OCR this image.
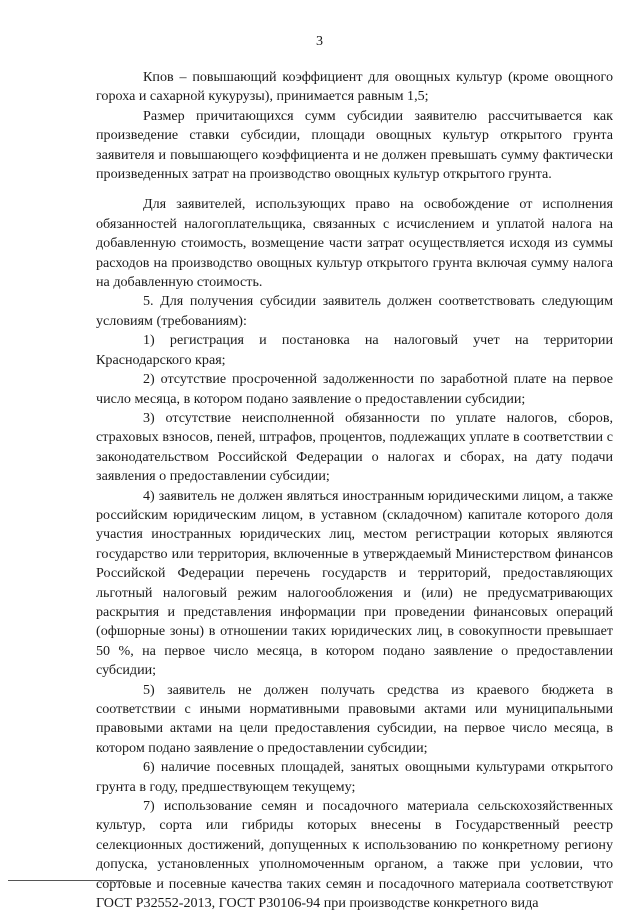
3

Кпов – повышающий коэффициент для овощных культур (кроме овощного гороха и сахарной кукурузы), принимается равным 1,5;

Размер причитающихся сумм субсидии заявителю рассчитывается как произведение ставки субсидии, площади овощных культур открытого грунта заявителя и повышающего коэффициента и не должен превышать сумму фактически произведенных затрат на производство овощных культур открытого грунта.

Для заявителей, использующих право на освобождение от исполнения обязанностей налогоплательщика, связанных с исчислением и уплатой налога на добавленную стоимость, возмещение части затрат осуществляется исходя из суммы расходов на производство овощных культур открытого грунта включая сумму налога на добавленную стоимость.

5. Для получения субсидии заявитель должен соответствовать следующим условиям (требованиям):

1) регистрация и постановка на налоговый учет на территории Краснодарского края;

2) отсутствие просроченной задолженности по заработной плате на первое число месяца, в котором подано заявление о предоставлении субсидии;

3) отсутствие неисполненной обязанности по уплате налогов, сборов, страховых взносов, пеней, штрафов, процентов, подлежащих уплате в соответствии с законодательством Российской Федерации о налогах и сборах, на дату подачи заявления о предоставлении субсидии;

4) заявитель не должен являться иностранным юридическими лицом, а также российским юридическим лицом, в уставном (складочном) капитале которого доля участия иностранных юридических лиц, местом регистрации которых являются государство или территория, включенные в утверждаемый Министерством финансов Российской Федерации перечень государств и территорий, предоставляющих льготный налоговый режим налогообложения и (или) не предусматривающих раскрытия и представления информации при проведении финансовых операций (офшорные зоны) в отношении таких юридических лиц, в совокупности превышает 50 %, на первое число месяца, в котором подано заявление о предоставлении субсидии;

5) заявитель не должен получать средства из краевого бюджета в соответствии с иными нормативными правовыми актами или муниципальными правовыми актами на цели предоставления субсидии, на первое число месяца, в котором подано заявление о предоставлении субсидии;

6) наличие посевных площадей, занятых овощными культурами открытого грунта в году, предшествующем текущему;

7) использование семян и посадочного материала сельскохозяйственных культур, сорта или гибриды которых внесены в Государственный реестр селекционных достижений, допущенных к использованию по конкретному региону допуска, установленных уполномоченным органом, а также при условии, что сортовые и посевные качества таких семян и посадочного материала соответствуют ГОСТ Р32552-2013, ГОСТ Р30106-94 при производстве конкретного вида
